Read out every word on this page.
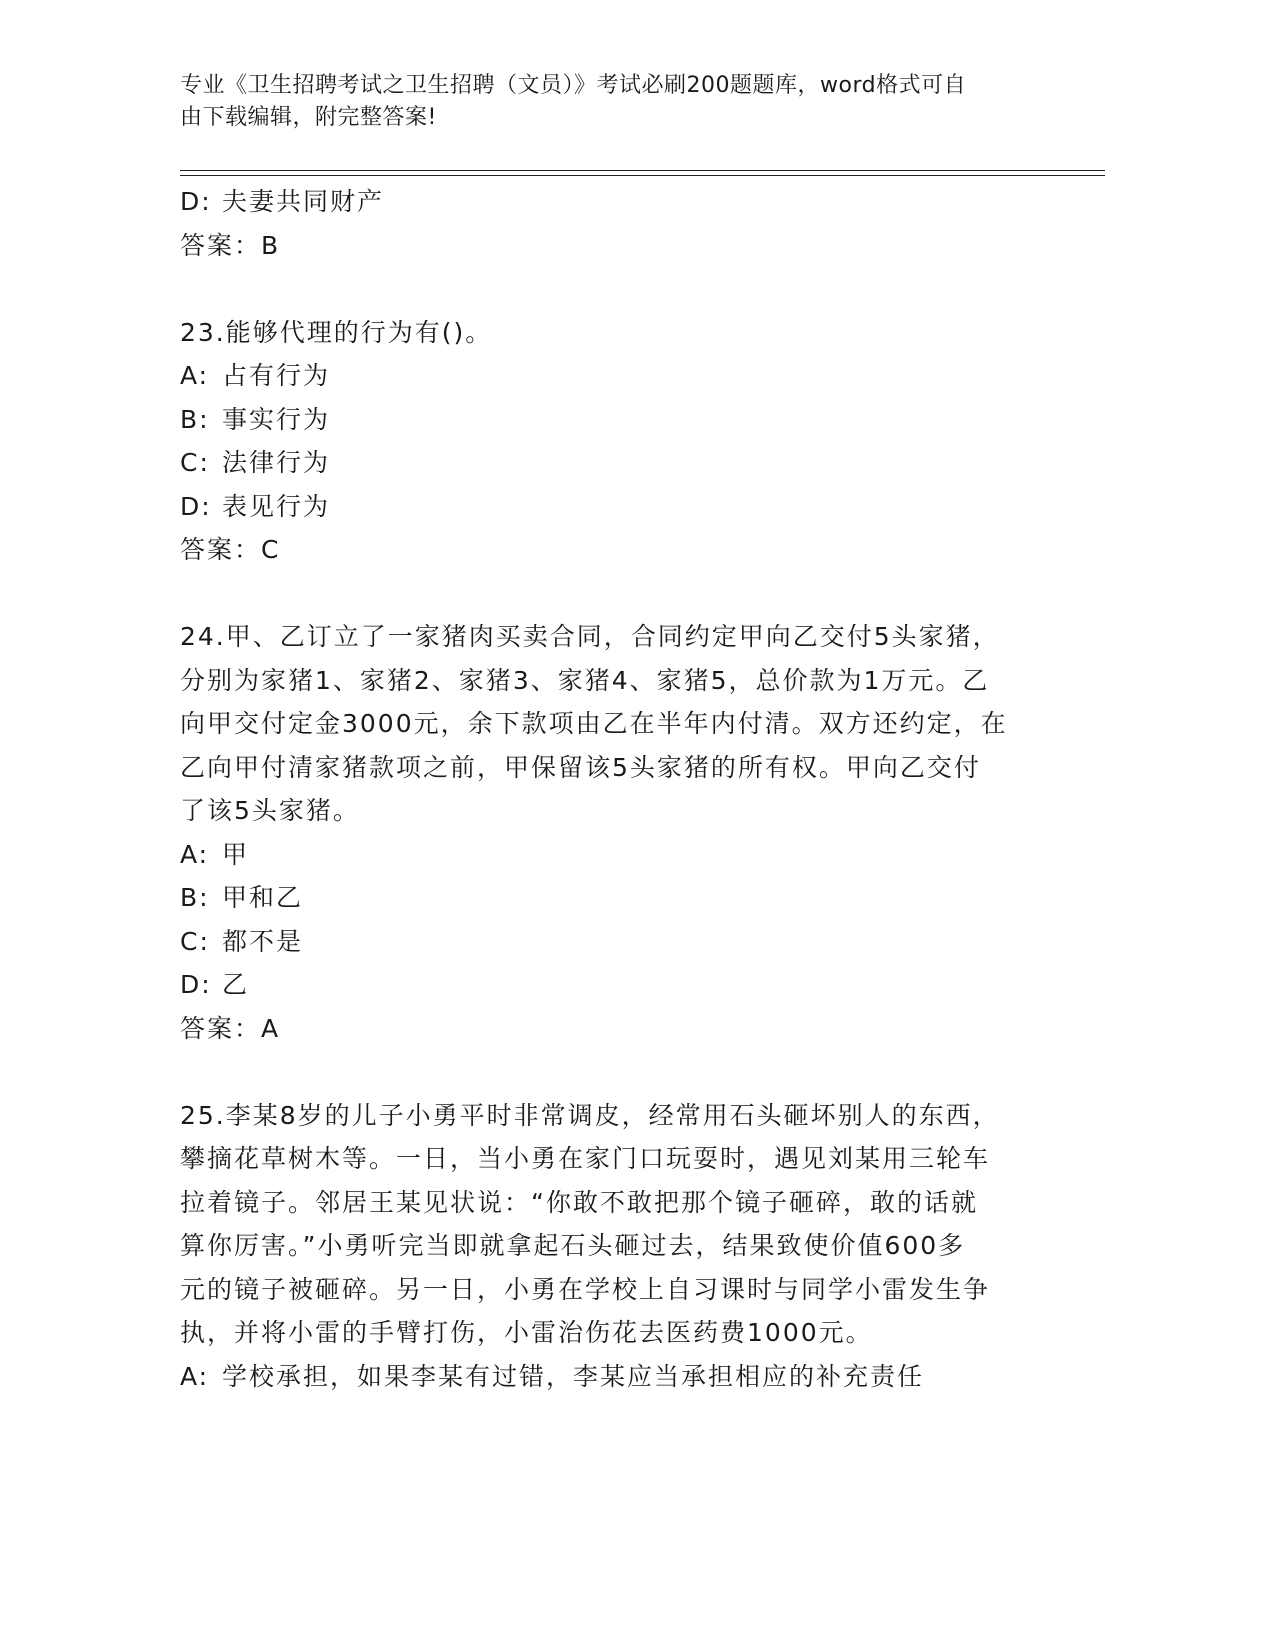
专业《卫生招聘考试之卫生招聘（文员）》考试必刷200题题库，word格式可自
由下载编辑，附完整答案!
D: 夫妻共同财产
答案：B
23.能够代理的行为有()。
A: 占有行为
B: 事实行为
C: 法律行为
D: 表见行为
答案：C
24.甲、乙订立了一家猪肉买卖合同，合同约定甲向乙交付5头家猪，
分别为家猪1、家猪2、家猪3、家猪4、家猪5，总价款为1万元。乙
向甲交付定金3000元，余下款项由乙在半年内付清。双方还约定，在
乙向甲付清家猪款项之前，甲保留该5头家猪的所有权。甲向乙交付
了该5头家猪。
A: 甲
B: 甲和乙
C: 都不是
D: 乙
答案：A
25.李某8岁的儿子小勇平时非常调皮，经常用石头砸坏别人的东西，
攀摘花草树木等。一日，当小勇在家门口玩耍时，遇见刘某用三轮车
拉着镜子。邻居王某见状说：“你敢不敢把那个镜子砸碎，敢的话就
算你厉害。”小勇听完当即就拿起石头砸过去，结果致使价值600多
元的镜子被砸碎。另一日，小勇在学校上自习课时与同学小雷发生争
执，并将小雷的手臂打伤，小雷治伤花去医药费1000元。
A: 学校承担，如果李某有过错，李某应当承担相应的补充责任
